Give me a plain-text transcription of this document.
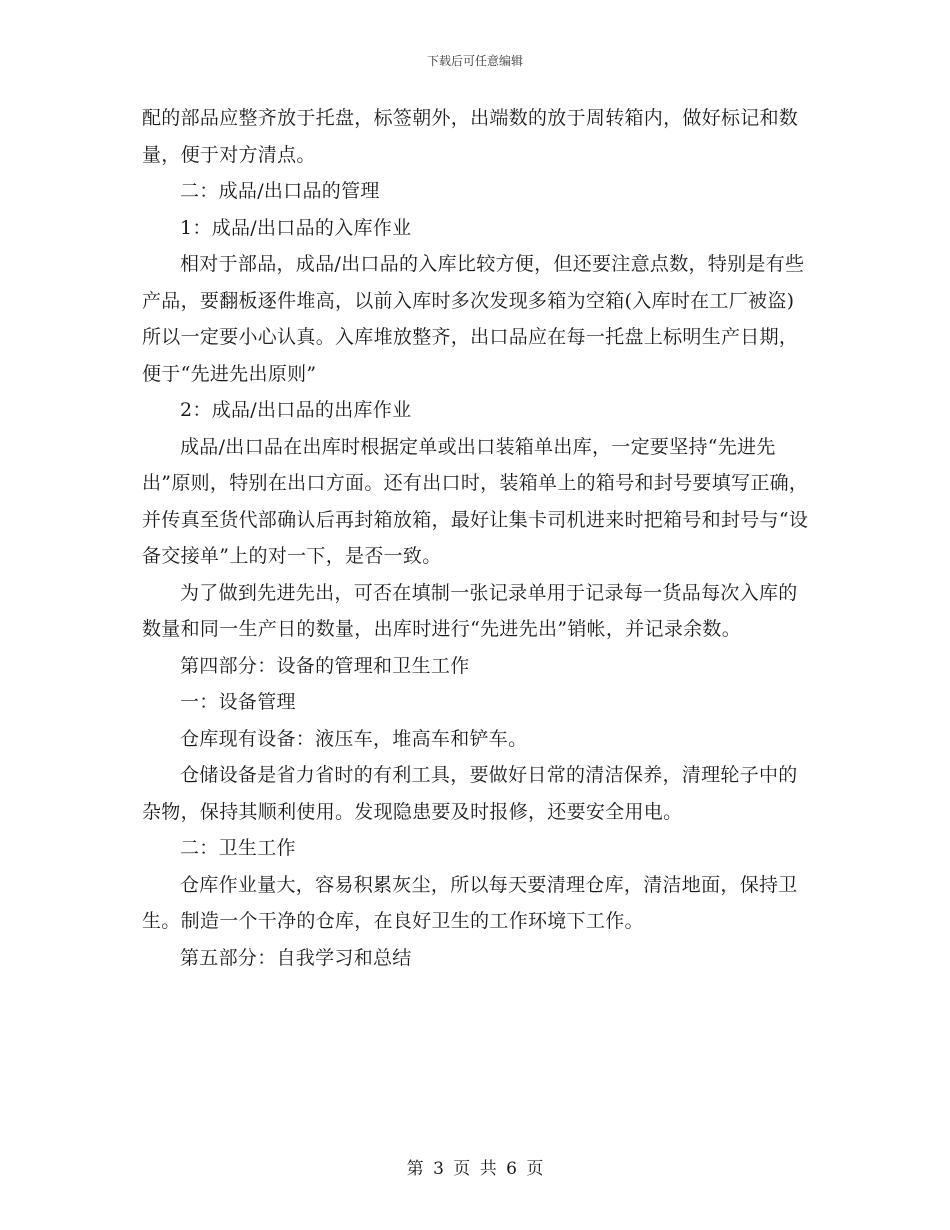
下载后可任意编辑

配的部品应整齐放于托盘，标签朝外，出端数的放于周转箱内，做好标记和数量，便于对方清点。

二：成品/出口品的管理

1：成品/出口品的入库作业

相对于部品，成品/出口品的入库比较方便，但还要注意点数，特别是有些产品，要翻板逐件堆高，以前入库时多次发现多箱为空箱(入库时在工厂被盗)所以一定要小心认真。入库堆放整齐，出口品应在每一托盘上标明生产日期，便于“先进先出原则”

2：成品/出口品的出库作业

成品/出口品在出库时根据定单或出口装箱单出库，一定要坚持“先进先出”原则，特别在出口方面。还有出口时，装箱单上的箱号和封号要填写正确，并传真至货代部确认后再封箱放箱，最好让集卡司机进来时把箱号和封号与“设备交接单”上的对一下，是否一致。

为了做到先进先出，可否在填制一张记录单用于记录每一货品每次入库的数量和同一生产日的数量，出库时进行“先进先出”销帐，并记录余数。

第四部分：设备的管理和卫生工作

一：设备管理

仓库现有设备：液压车，堆高车和铲车。

仓储设备是省力省时的有利工具，要做好日常的清洁保养，清理轮子中的杂物，保持其顺利使用。发现隐患要及时报修，还要安全用电。

二：卫生工作

仓库作业量大，容易积累灰尘，所以每天要清理仓库，清洁地面，保持卫生。制造一个干净的仓库，在良好卫生的工作环境下工作。

第五部分：自我学习和总结

第 3 页 共 6 页
